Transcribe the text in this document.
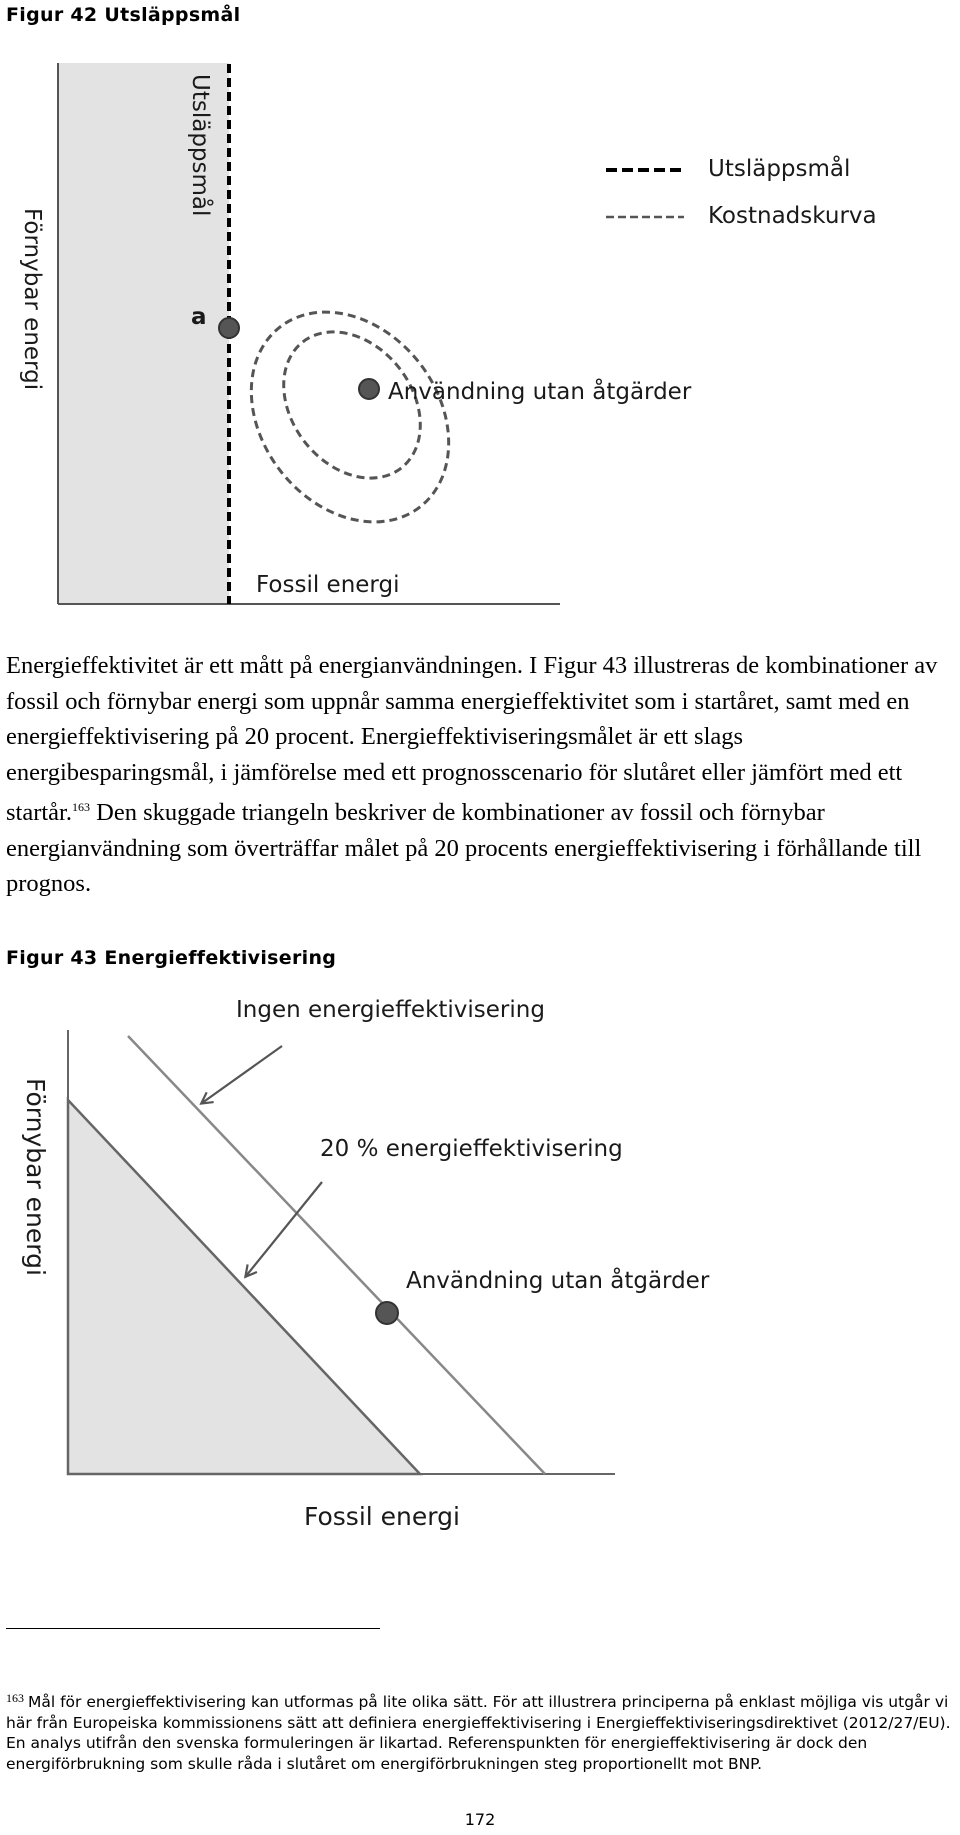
Figur 42 Utsläppsmål
Förnybar energi
Utsläppsmål
a
Användning utan åtgärder
Fossil energi
Utsläppsmål
Kostnadskurva

Energieffektivitet är ett mått på energianvändningen. I Figur 43 illustreras de kombinationer av fossil och förnybar energi som uppnår samma energieffektivitet som i startåret, samt med en energieffektivisering på 20 procent. Energieffektiviseringsmålet är ett slags energibesparingsmål, i jämförelse med ett prognosscenario för slutåret eller jämfört med ett startår.$^{163}$ Den skuggade triangeln beskriver de kombinationer av fossil och förnybar energianvändning som överträffar målet på 20 procents energieffektivisering i förhållande till prognos.

Figur 43 Energieffektivisering
Förnybar energi
Ingen energieffektivisering
20 % energieffektivisering
Användning utan åtgärder
Fossil energi

$^{163}$ Mål för energieffektivisering kan utformas på lite olika sätt. För att illustrera principerna på enklast möjliga vis utgår vi här från Europeiska kommissionens sätt att definiera energieffektivisering i Energieffektiviseringsdirektivet (2012/27/EU). En analys utifrån den svenska formuleringen är likartad. Referenspunkten för energieffektivisering är dock den energiförbrukning som skulle råda i slutåret om energiförbrukningen steg proportionellt mot BNP.

172
